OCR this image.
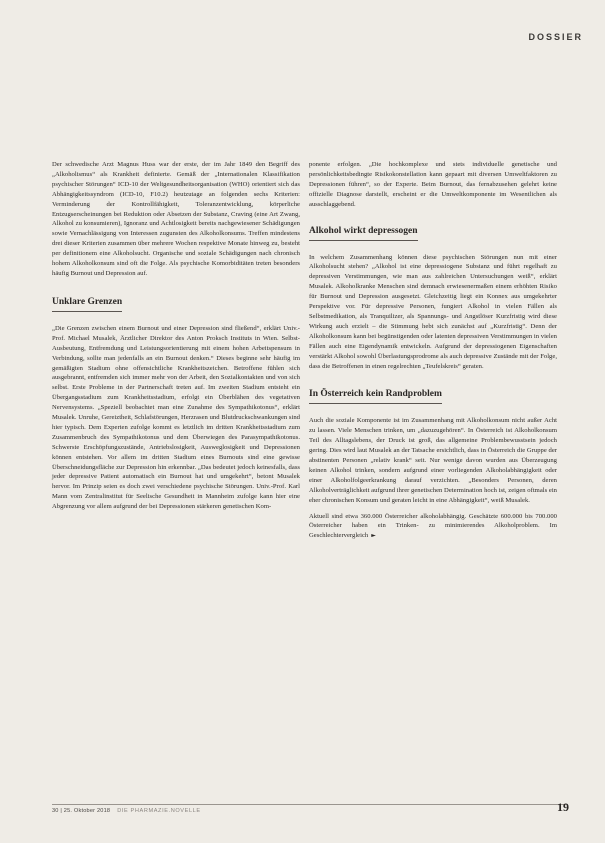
DOSSIER

Der schwedische Arzt Magnus Huss war der erste, der im Jahr 1849 den Begriff des „Alkoholismus“ als Krankheit definierte. Gemäß der „Internationalen Klassifikation psychischer Störungen“ ICD-10 der Weltgesundheitsorganisation (WHO) orientiert sich das Abhängigkeitssyndrom (ICD-10, F10.2) heutzutage an folgenden sechs Kriterien: Verminderung der Kontrollfähigkeit, Toleranzentwicklung, körperliche Entzugserscheinungen bei Reduktion oder Absetzen der Substanz, Craving (eine Art Zwang, Alkohol zu konsumieren), Ignoranz und Achtlosigkeit bereits nachgewiesener Schädigungen sowie Vernachlässigung von Interessen zugunsten des Alkoholkonsums. Treffen mindestens drei dieser Kriterien zusammen über mehrere Wochen respektive Monate hinweg zu, besteht per definitionem eine Alkoholsucht. Organische und soziale Schädigungen nach chronisch hohem Alkoholkonsum sind oft die Folge. Als psychische Komorbiditäten treten besonders häufig Burnout und Depression auf.

Unklare Grenzen

„Die Grenzen zwischen einem Burnout und einer Depression sind fließend“, erklärt Univ.-Prof. Michael Musalek, Ärztlicher Direktor des Anton Proksch Instituts in Wien. Selbst-Ausbeutung, Entfremdung und Leistungsorientierung mit einem hohen Arbeitspensum in Verbindung, sollte man jedenfalls an ein Burnout denken.“ Dieses beginne sehr häufig im gemäßigten Stadium ohne offensichtliche Krankheitszeichen. Betroffene fühlen sich ausgebrannt, entfremden sich immer mehr von der Arbeit, den Sozialkontakten und von sich selbst. Erste Probleme in der Partnerschaft treten auf. Im zweiten Stadium entsteht ein Übergangsstadium zum Krankheitsstadium, erfolgt ein Überblähen des vegetativen Nervensystems. „Speziell beobachtet man eine Zunahme des Sympathikotonus“, erklärt Musalek. Unruhe, Gereiztheit, Schlafstörungen, Herzrasen und Blutdruckschwankungen sind hier typisch. Dem Experten zufolge kommt es letztlich im dritten Krankheitsstadium zum Zusammenbruch des Sympathikotonus und dem Überwiegen des Parasympathikotonus. Schwerste Erschöpfungszustände, Antriebslosigkeit, Ausweglosigkeit und Depressionen können entstehen. Vor allem im dritten Stadium eines Burnouts sind eine gewisse Überschneidungsfläche zur Depression hin erkennbar. „Das bedeutet jedoch keinesfalls, dass jeder depressive Patient automatisch ein Burnout hat und umgekehrt“, betont Musalek hervor. Im Prinzip seien es doch zwei verschiedene psychische Störungen. Univ.-Prof. Karl Mann vom Zentralinstitut für Seelische Gesundheit in Mannheim zufolge kann hier eine Abgrenzung vor allem aufgrund der bei Depressionen stärkeren genetischen Kom-

ponente erfolgen. „Die hochkomplexe und stets individuelle genetische und persönlichkeitsbedingte Risikokonstellation kann gepaart mit diversen Umweltfaktoren zu Depressionen führen“, so der Experte. Beim Burnout, das fernabzusehen gelehrt keine offizielle Diagnose darstellt, erscheint er die Umweltkomponente im Wesentlichen als ausschlaggebend.

Alkohol wirkt depressogen

In welchem Zusammenhang können diese psychischen Störungen nun mit einer Alkoholsucht stehen? „Alkohol ist eine depressiogene Substanz und führt regelhaft zu depressiven Verstimmungen, wie man aus zahlreichen Untersuchungen weiß“, erklärt Musalek. Alkoholkranke Menschen sind demnach erwiesenermaßen einem erhöhten Risiko für Burnout und Depression ausgesetzt. Gleichzeitig liegt ein Konnex aus umgekehrter Perspektive vor. Für depressive Personen, fungiert Alkohol in vielen Fällen als Selbstmedikation, als Tranquilizer, als Spannungs- und Angstlöser Kurzfristig wird diese Wirkung auch erzielt – die Stimmung hebt sich zunächst auf „Kurzfristig“. Denn der Alkoholkonsum kann bei begünstigenden oder latenten depressiven Verstimmungen in vielen Fällen auch eine Eigendynamik entwickeln. Aufgrund der depressiogenen Eigenschaften verstärkt Alkohol sowohl Überlastungsprodrome als auch depressive Zustände mit der Folge, dass die Betroffenen in einen regelrechten „Teufelskreis“ geraten.

In Österreich kein Randproblem

Auch die soziale Komponente ist im Zusammenhang mit Alkoholkonsum nicht außer Acht zu lassen. Viele Menschen trinken, um „dazuzugehören“. In Österreich ist Alkoholkonsum Teil des Alltagslebens, der Druck ist groß, das allgemeine Problembewusstsein jedoch gering. Dies wird laut Musalek an der Tatsache ersichtlich, dass in Österreich die Gruppe der abstinenten Personen „relativ krank“ seit. Nur wenige davon wurden aus Überzeugung keinen Alkohol trinken, sondern aufgrund einer vorliegenden Alkoholabhängigkeit oder einer Alkoholfolgeerkrankung darauf verzichten. „Besonders Personen, deren Alkoholverträglichkeit aufgrund ihrer genetischen Determination hoch ist, zeigen oftmals ein eher chronischen Konsum und geraten leicht in eine Abhängigkeit“, weiß Musalek.

Aktuell sind etwa 360.000 Österreicher alkoholabhängig. Geschätzte 600.000 bis 700.000 Österreicher haben ein Trinken- zu minimierendes Alkoholproblem. Im Geschlechtervergleich ►

30 | 25. Oktober 2018 DIE PHARMAZIE.NOVELLE	19
